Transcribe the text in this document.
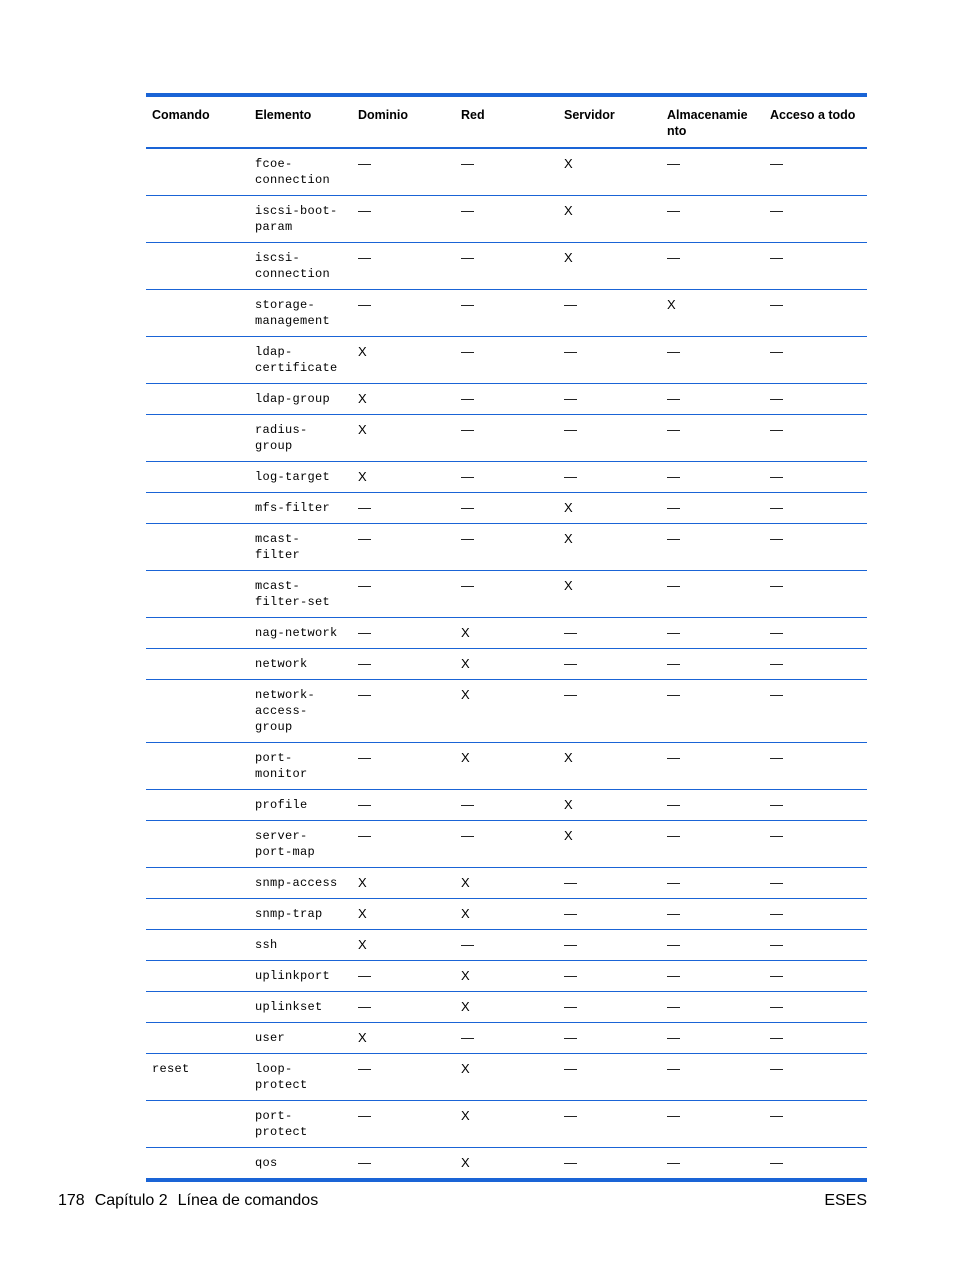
Comando	Elemento	Dominio	Red	Servidor	Almacenamie nto	Acceso a todo
	fcoe- connection	—	—	X	—	—
	iscsi-boot- param	—	—	X	—	—
	iscsi- connection	—	—	X	—	—
	storage- management	—	—	—	X	—
	ldap- certificate	X	—	—	—	—
	ldap-group	X	—	—	—	—
	radius- group	X	—	—	—	—
	log-target	X	—	—	—	—
	mfs-filter	—	—	X	—	—
	mcast- filter	—	—	X	—	—
	mcast- filter-set	—	—	X	—	—
	nag-network	—	X	—	—	—
	network	—	X	—	—	—
	network- access- group	—	X	—	—	—
	port- monitor	—	X	X	—	—
	profile	—	—	X	—	—
	server- port-map	—	—	X	—	—
	snmp-access	X	X	—	—	—
	snmp-trap	X	X	—	—	—
	ssh	X	—	—	—	—
	uplinkport	—	X	—	—	—
	uplinkset	—	X	—	—	—
	user	X	—	—	—	—
reset	loop- protect	—	X	—	—	—
	port- protect	—	X	—	—	—
	qos	—	X	—	—	—
178 Capítulo 2 Línea de comandos	ESES
